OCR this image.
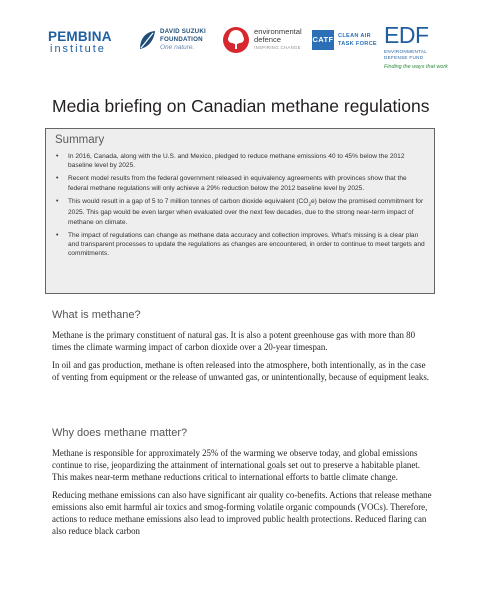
PEMBINA
institute
DAVID SUZUKI
FOUNDATION
One nature.
environmental
defence
INSPIRING CHANGE
CATF CLEAN AIR
TASK FORCE EDF
ENVIRONMENTAL
DEFENSE FUND
Finding the ways that work
Media briefing on Canadian methane regulations
Summary
• In 2016, Canada, along with the U.S. and Mexico, pledged to reduce methane emissions 40 to 45% below the 2012 baseline level by 2025.
• Recent model results from the federal government released in equivalency agreements with provinces show that the federal methane regulations will only achieve a 29% reduction below the 2012 baseline level by 2025.
• This would result in a gap of 5 to 7 million tonnes of carbon dioxide equivalent $(CO_2e)$ below the promised commitment for 2025. This gap would be even larger when evaluated over the next few decades, due to the strong near-term impact of methane on climate.
• The impact of regulations can change as methane data accuracy and collection improves. What’s missing is a clear plan and transparent processes to update the regulations as changes are encountered, in order to continue to meet targets and commitments.
What is methane?

Methane is the primary constituent of natural gas. It is also a potent greenhouse gas with more than 80 times the climate warming impact of carbon dioxide over a 20-year timespan.

In oil and gas production, methane is often released into the atmosphere, both intentionally, as in the case of venting from equipment or the release of unwanted gas, or unintentionally, because of equipment leaks.

Why does methane matter?

Methane is responsible for approximately 25% of the warming we observe today, and global emissions continue to rise, jeopardizing the attainment of international goals set out to preserve a habitable planet. This makes near-term methane reductions critical to international efforts to battle climate change.

Reducing methane emissions can also have significant air quality co-benefits. Actions that release methane emissions also emit harmful air toxics and smog-forming volatile organic compounds (VOCs). Therefore, actions to reduce methane emissions also lead to improved public health protections. Reduced flaring can also reduce black carbon
